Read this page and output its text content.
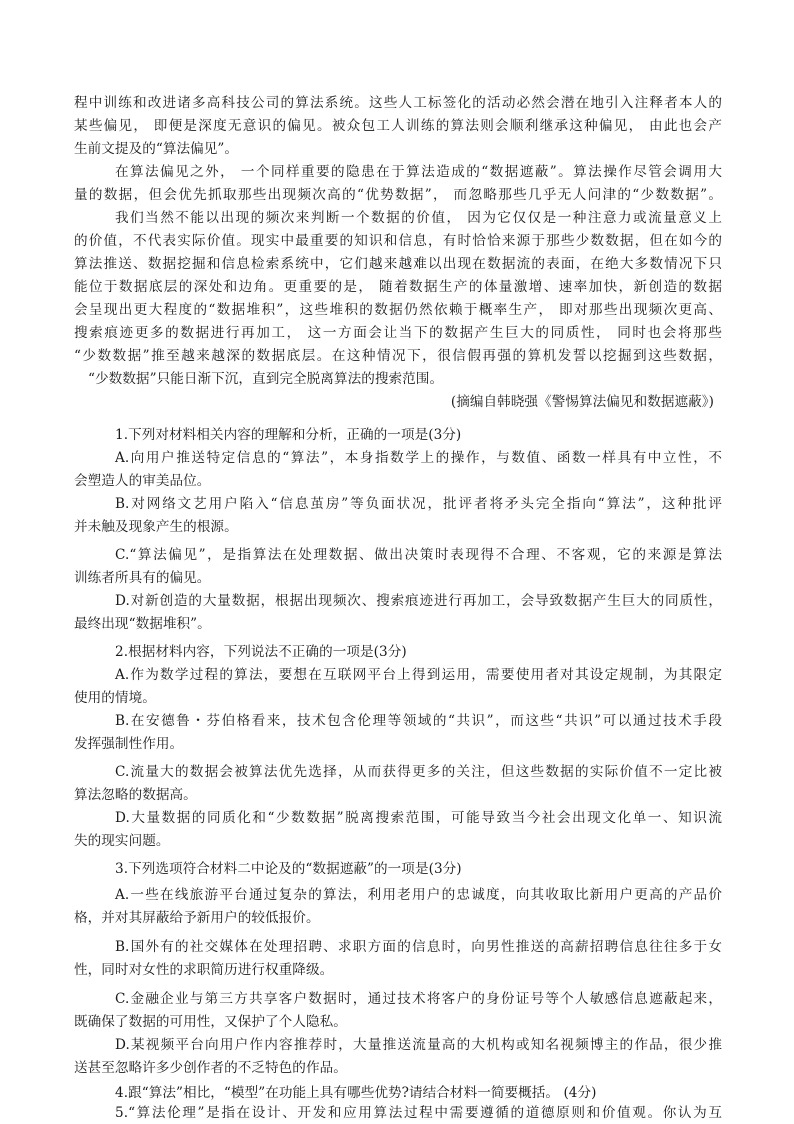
程中训练和改进诸多高科技公司的算法系统。这些人工标签化的活动必然会潜在地引入注释者本人的
某些偏见， 即便是深度无意识的偏见。被众包工人训练的算法则会顺利继承这种偏见， 由此也会产
生前文提及的“算法偏见”。
在算法偏见之外， 一个同样重要的隐患在于算法造成的“数据遮蔽”。算法操作尽管会调用大
量的数据，但会优先抓取那些出现频次高的“优势数据”， 而忽略那些几乎无人问津的“少数数据”。
我们当然不能以出现的频次来判断一个数据的价值， 因为它仅仅是一种注意力或流量意义上
的价值，不代表实际价值。现实中最重要的知识和信息，有时恰恰来源于那些少数数据，但在如今的
算法推送、数据挖掘和信息检索系统中，它们越来越难以出现在数据流的表面，在绝大多数情况下只
能位于数据底层的深处和边角。更重要的是， 随着数据生产的体量激增、速率加快，新创造的数据
会呈现出更大程度的“数据堆积”，这些堆积的数据仍然依赖于概率生产， 即对那些出现频次更高、
搜索痕迹更多的数据进行再加工， 这一方面会让当下的数据产生巨大的同质性， 同时也会将那些
“少数数据”推至越来越深的数据底层。在这种情况下，很信假再强的算机发誓以挖掘到这些数据，
“少数数据”只能日渐下沉，直到完全脱离算法的搜索范围。
(摘编自韩晓强《警惕算法偏见和数据遮蔽》)
1.下列对材料相关内容的理解和分析，正确的一项是(3分)
A.向用户推送特定信息的“算法”，本身指数学上的操作，与数值、函数一样具有中立性，不
会塑造人的审美品位。
B.对网络文艺用户陷入“信息茧房”等负面状况，批评者将矛头完全指向“算法”，这种批评
并未触及现象产生的根源。
C.“算法偏见”，是指算法在处理数据、做出决策时表现得不合理、不客观，它的来源是算法
训练者所具有的偏见。
D.对新创造的大量数据，根据出现频次、搜索痕迹进行再加工，会导致数据产生巨大的同质性，
最终出现“数据堆积”。
2.根据材料内容，下列说法不正确的一项是(3分)
A.作为数学过程的算法，要想在互联网平台上得到运用，需要使用者对其设定规制，为其限定
使用的情境。
B.在安德鲁・芬伯格看来，技术包含伦理等领域的“共识”，而这些“共识”可以通过技术手段
发挥强制性作用。
C.流量大的数据会被算法优先选择，从而获得更多的关注，但这些数据的实际价值不一定比被
算法忽略的数据高。
D.大量数据的同质化和“少数数据”脱离搜索范围，可能导致当今社会出现文化单一、知识流
失的现实问题。
3.下列选项符合材料二中论及的“数据遮蔽”的一项是(3分)
A.一些在线旅游平台通过复杂的算法，利用老用户的忠诚度，向其收取比新用户更高的产品价
格，并对其屏蔽给予新用户的较低报价。
B.国外有的社交媒体在处理招聘、求职方面的信息时，向男性推送的高薪招聘信息往往多于女
性，同时对女性的求职简历进行权重降级。
C.金融企业与第三方共享客户数据时，通过技术将客户的身份证号等个人敏感信息遮蔽起来，
既确保了数据的可用性，又保护了个人隐私。
D.某视频平台向用户作内容推荐时，大量推送流量高的大机构或知名视频博主的作品，很少推
送甚至忽略许多少创作者的不乏特色的作品。
4.跟“算法”相比，“模型”在功能上具有哪些优势?请结合材料一简要概括。 (4分)
5.“算法伦理”是指在设计、开发和应用算法过程中需要遵循的道德原则和价值观。你认为互
